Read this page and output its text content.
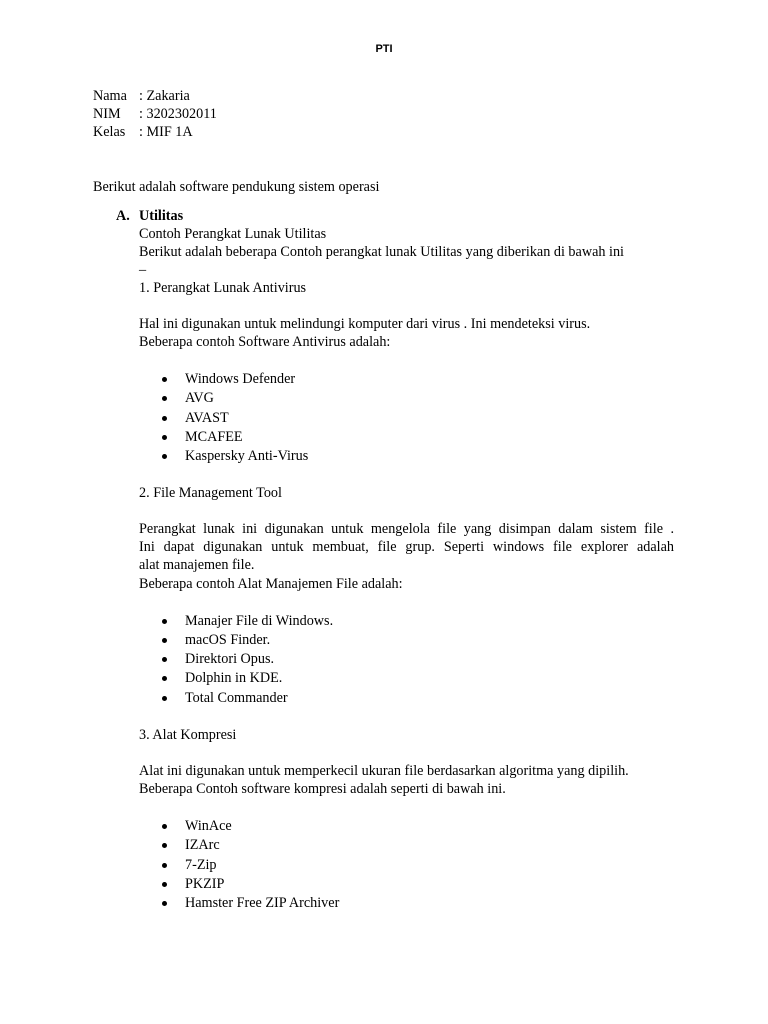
PTI
Nama : Zakaria
NIM : 3202302011
Kelas : MIF 1A
Berikut adalah software pendukung sistem operasi
A. Utilitas
Contoh Perangkat Lunak Utilitas
Berikut adalah beberapa Contoh perangkat lunak Utilitas yang diberikan di bawah ini
–
1. Perangkat Lunak Antivirus
Hal ini digunakan untuk melindungi komputer dari virus . Ini mendeteksi virus.
Beberapa contoh Software Antivirus adalah:
Windows Defender
AVG
AVAST
MCAFEE
Kaspersky Anti-Virus
2. File Management Tool
Perangkat lunak ini digunakan untuk mengelola file yang disimpan dalam sistem file .
Ini dapat digunakan untuk membuat, file grup. Seperti windows file explorer adalah
alat manajemen file.
Beberapa contoh Alat Manajemen File adalah:
Manajer File di Windows.
macOS Finder.
Direktori Opus.
Dolphin in KDE.
Total Commander
3. Alat Kompresi
Alat ini digunakan untuk memperkecil ukuran file berdasarkan algoritma yang dipilih.
Beberapa Contoh software kompresi adalah seperti di bawah ini.
WinAce
IZArc
7-Zip
PKZIP
Hamster Free ZIP Archiver
